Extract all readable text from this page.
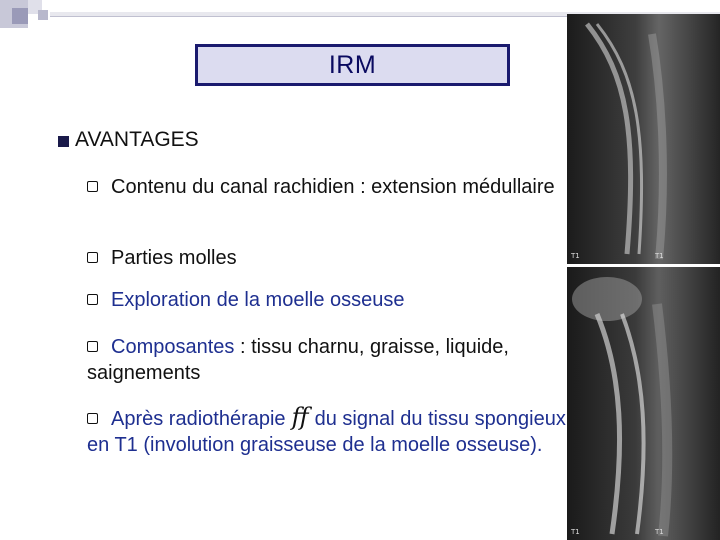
IRM
AVANTAGES
Contenu du canal rachidien : extension médullaire
Parties molles
Exploration de la moelle osseuse
Composantes : tissu charnu, graisse, liquide, saignements
Après radiothérapie ﬀ du signal du tissu spongieux en T1 (involution graisseuse de la moelle osseuse).
T1	T1
T1	T1
